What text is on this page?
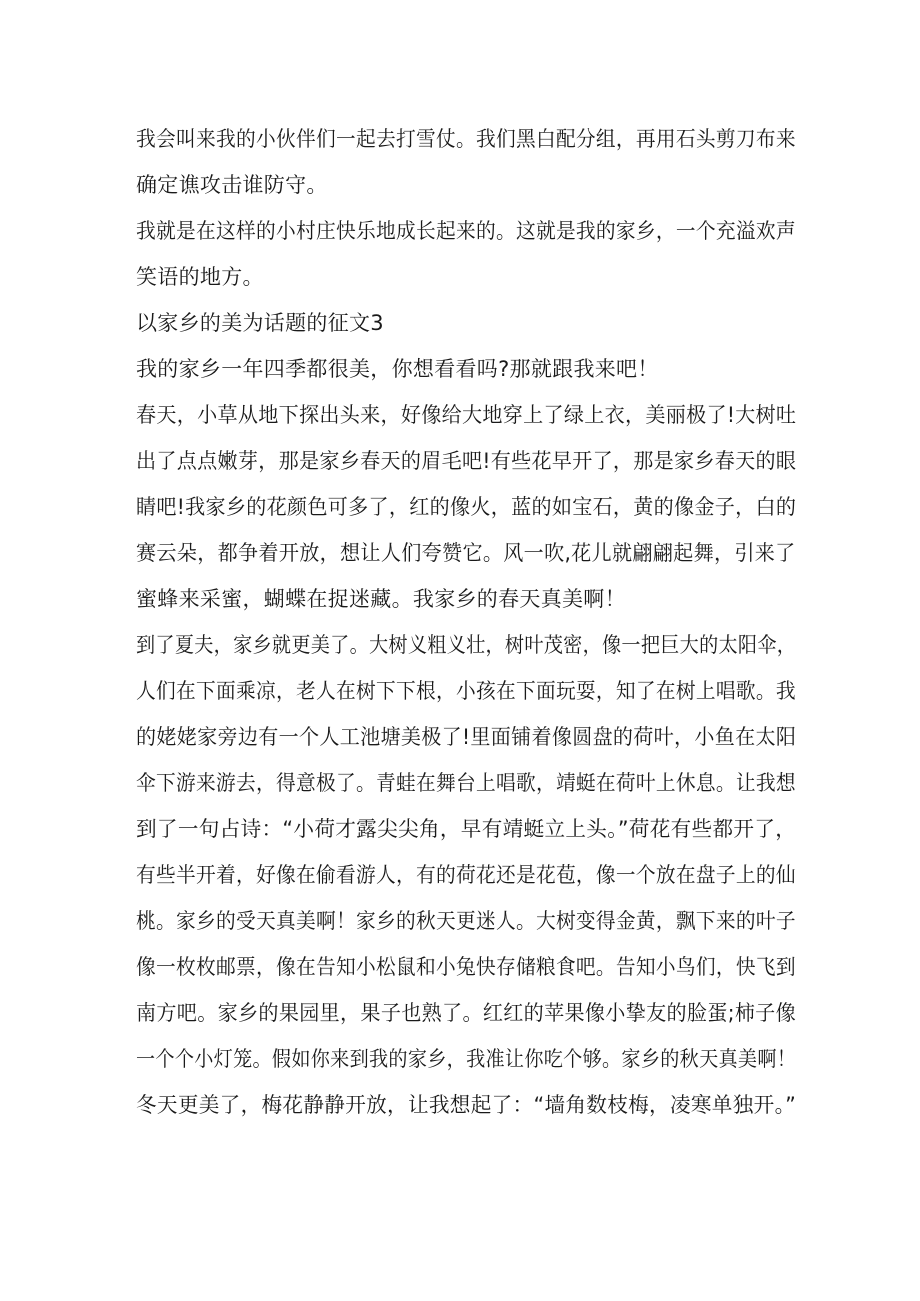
我会叫来我的小伙伴们一起去打雪仗。我们黑白配分组，再用石头剪刀布来
确定谯攻击谁防守。
我就是在这样的小村庄快乐地成长起来的。这就是我的家乡，一个充溢欢声
笑语的地方。
以家乡的美为话题的征文3
我的家乡一年四季都很美，你想看看吗?那就跟我来吧！
春天，小草从地下探出头来，好像给大地穿上了绿上衣，美丽极了!大树吐
出了点点嫩芽，那是家乡春天的眉毛吧!有些花早开了，那是家乡春天的眼
睛吧!我家乡的花颜色可多了，红的像火，蓝的如宝石，黄的像金子，白的
赛云朵，都争着开放，想让人们夸赞它。风一吹,花儿就翩翩起舞，引来了
蜜蜂来采蜜，蝴蝶在捉迷藏。我家乡的春天真美啊！
到了夏夫，家乡就更美了。大树义粗义壮，树叶茂密，像一把巨大的太阳伞，
人们在下面乘凉，老人在树下下根，小孩在下面玩耍，知了在树上唱歌。我
的姥姥家旁边有一个人工池塘美极了!里面铺着像圆盘的荷叶，小鱼在太阳
伞下游来游去，得意极了。青蛙在舞台上唱歌，靖蜓在荷叶上休息。让我想
到了一句占诗：“小荷才露尖尖角，早有靖蜓立上头。”荷花有些都开了，
有些半开着，好像在偷看游人，有的荷花还是花苞，像一个放在盘子上的仙
桃。家乡的受天真美啊！家乡的秋天更迷人。大树变得金黄，飘下来的叶子
像一枚枚邮票，像在告知小松鼠和小兔快存储粮食吧。告知小鸟们，快飞到
南方吧。家乡的果园里，果子也熟了。红红的苹果像小挚友的脸蛋;柿子像
一个个小灯笼。假如你来到我的家乡，我准让你吃个够。家乡的秋天真美啊！
冬天更美了，梅花静静开放，让我想起了：“墙角数枝梅，凌寒单独开。”
